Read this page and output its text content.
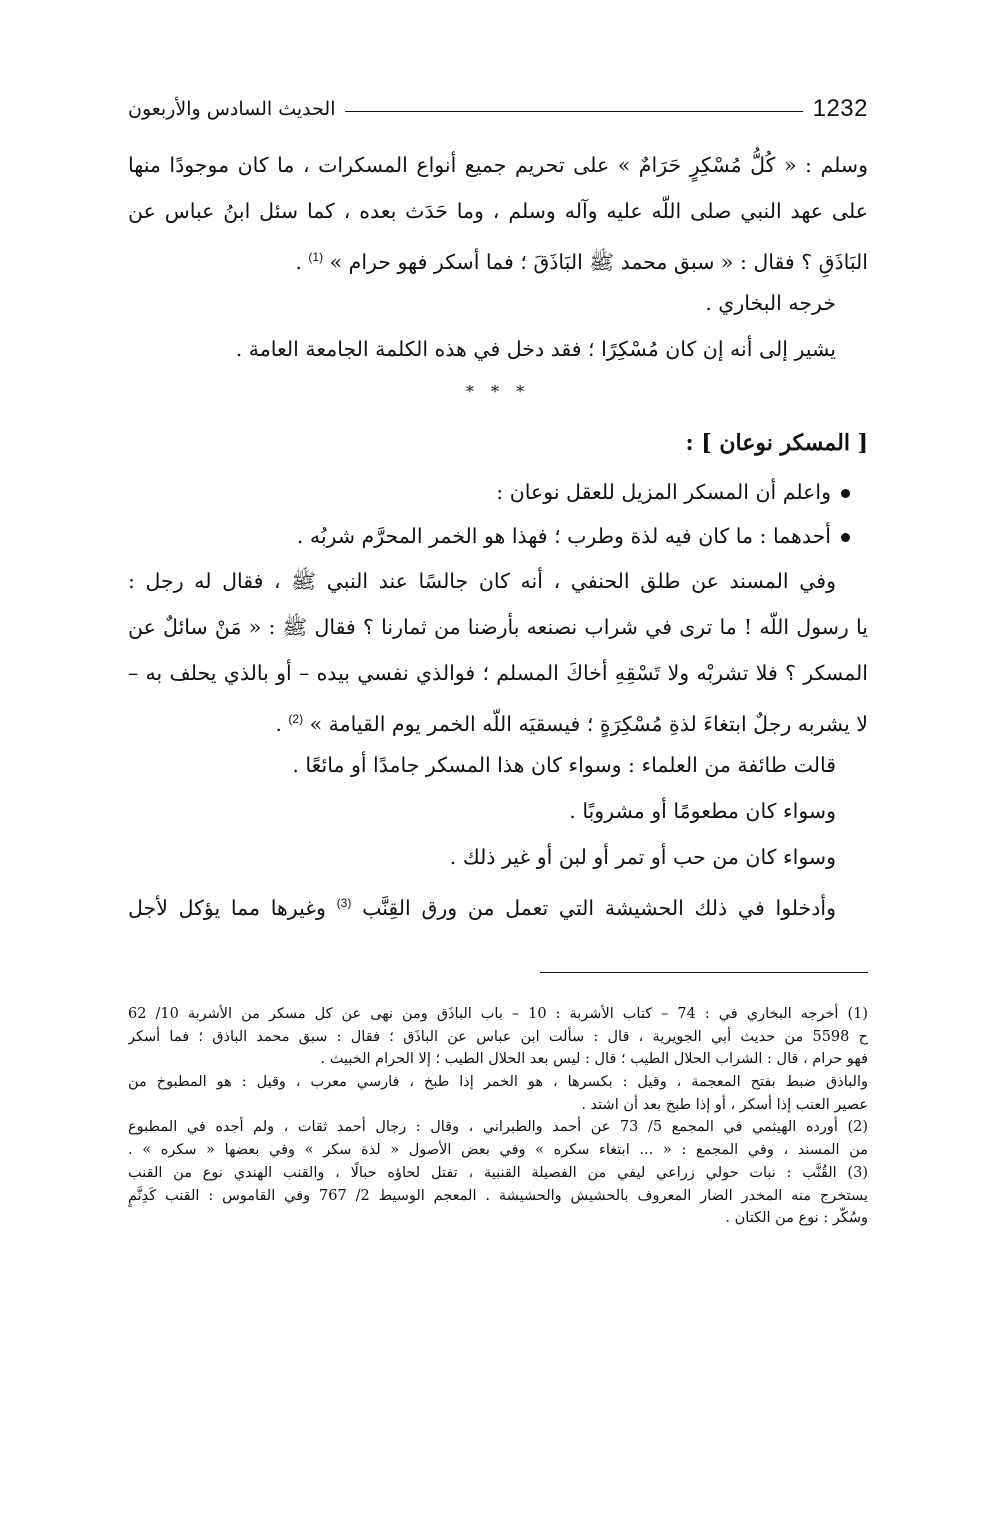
1232
الحديث السادس والأربعون
وسلم : « كُلُّ مُسْكِرٍ حَرَامٌ » على تحريم جميع أنواع المسكرات ، ما كان موجودًا منها
على عهد النبي صلى اللّه عليه وآله وسلم ، وما حَدَث بعده ، كما سئل ابنُ عباس عن
البَاذَقِ ؟ فقال : « سبق محمد ﷺ البَاذَقَ ؛ فما أسكر فهو حرام » $^{(1)}$ .
خرجه البخاري .
يشير إلى أنه إن كان مُسْكِرًا ؛ فقد دخل في هذه الكلمة الجامعة العامة .
* * *
[ المسكر نوعان ] :
واعلم أن المسكر المزيل للعقل نوعان :
أحدهما : ما كان فيه لذة وطرب ؛ فهذا هو الخمر المحرَّم شربُه .
وفي المسند عن طلق الحنفي ، أنه كان جالسًا عند النبي ﷺ ، فقال له رجل :
يا رسول اللّه ! ما ترى في شراب نصنعه بأرضنا من ثمارنا ؟ فقال ﷺ : « مَنْ سائلٌ عن
المسكر ؟ فلا تشربْه ولا تَسْقِهِ أخاكَ المسلم ؛ فوالذي نفسي بيده – أو بالذي يحلف به –
لا يشربه رجلٌ ابتغاءَ لذةِ مُسْكِرَةٍ ؛ فيسقيَه اللّه الخمر يوم القيامة » $^{(2)}$ .
قالت طائفة من العلماء : وسواء كان هذا المسكر جامدًا أو مائعًا .
وسواء كان مطعومًا أو مشروبًا .
وسواء كان من حب أو تمر أو لبن أو غير ذلك .
وأدخلوا في ذلك الحشيشة التي تعمل من ورق القِنَّب $^{(3)}$ وغيرها مما يؤكل لأجل
(1) أخرجه البخاري في : 74 – كتاب الأشربة : 10 – باب الباذَق ومن نهى عن كل مسكر من الأشربة 10/ 62
ح 5598 من حديث أبي الجويرية ، قال : سألت ابن عباس عن الباذَق ؛ فقال : سبق محمد الباذق ؛ فما أسكر
فهو حرام ، قال : الشراب الحلال الطيب ؛ قال : ليس بعد الحلال الطيب ؛ إلا الحرام الخبيث .
والباذق ضبط بفتح المعجمة ، وقيل : بكسرها ، هو الخمر إذا طبخ ، فارسي معرب ، وقيل : هو المطبوخ من
عصير العنب إذا أسكر ، أو إذا طبخ بعد أن اشتد .
(2) أورده الهيثمي في المجمع 5/ 73 عن أحمد والطبراني ، وقال : رجال أحمد ثقات ، ولم أجده في المطبوع
من المسند ، وفي المجمع : « ... ابتغاء سكره » وفي بعض الأصول « لذة سكر » وفي بعضها « سكره » .
(3) القُنَّب : نبات حولي زراعي ليفي من الفصيلة القنبية ، تفتل لحاؤه حبالًا ، والقنب الهندي نوع من القنب
يستخرج منه المخدر الضار المعروف بالحشيش والحشيشة . المعجم الوسيط 2/ 767 وفي القاموس : القنب كَدِنَّمٍ
وسُكَّر : نوع من الكتان .
